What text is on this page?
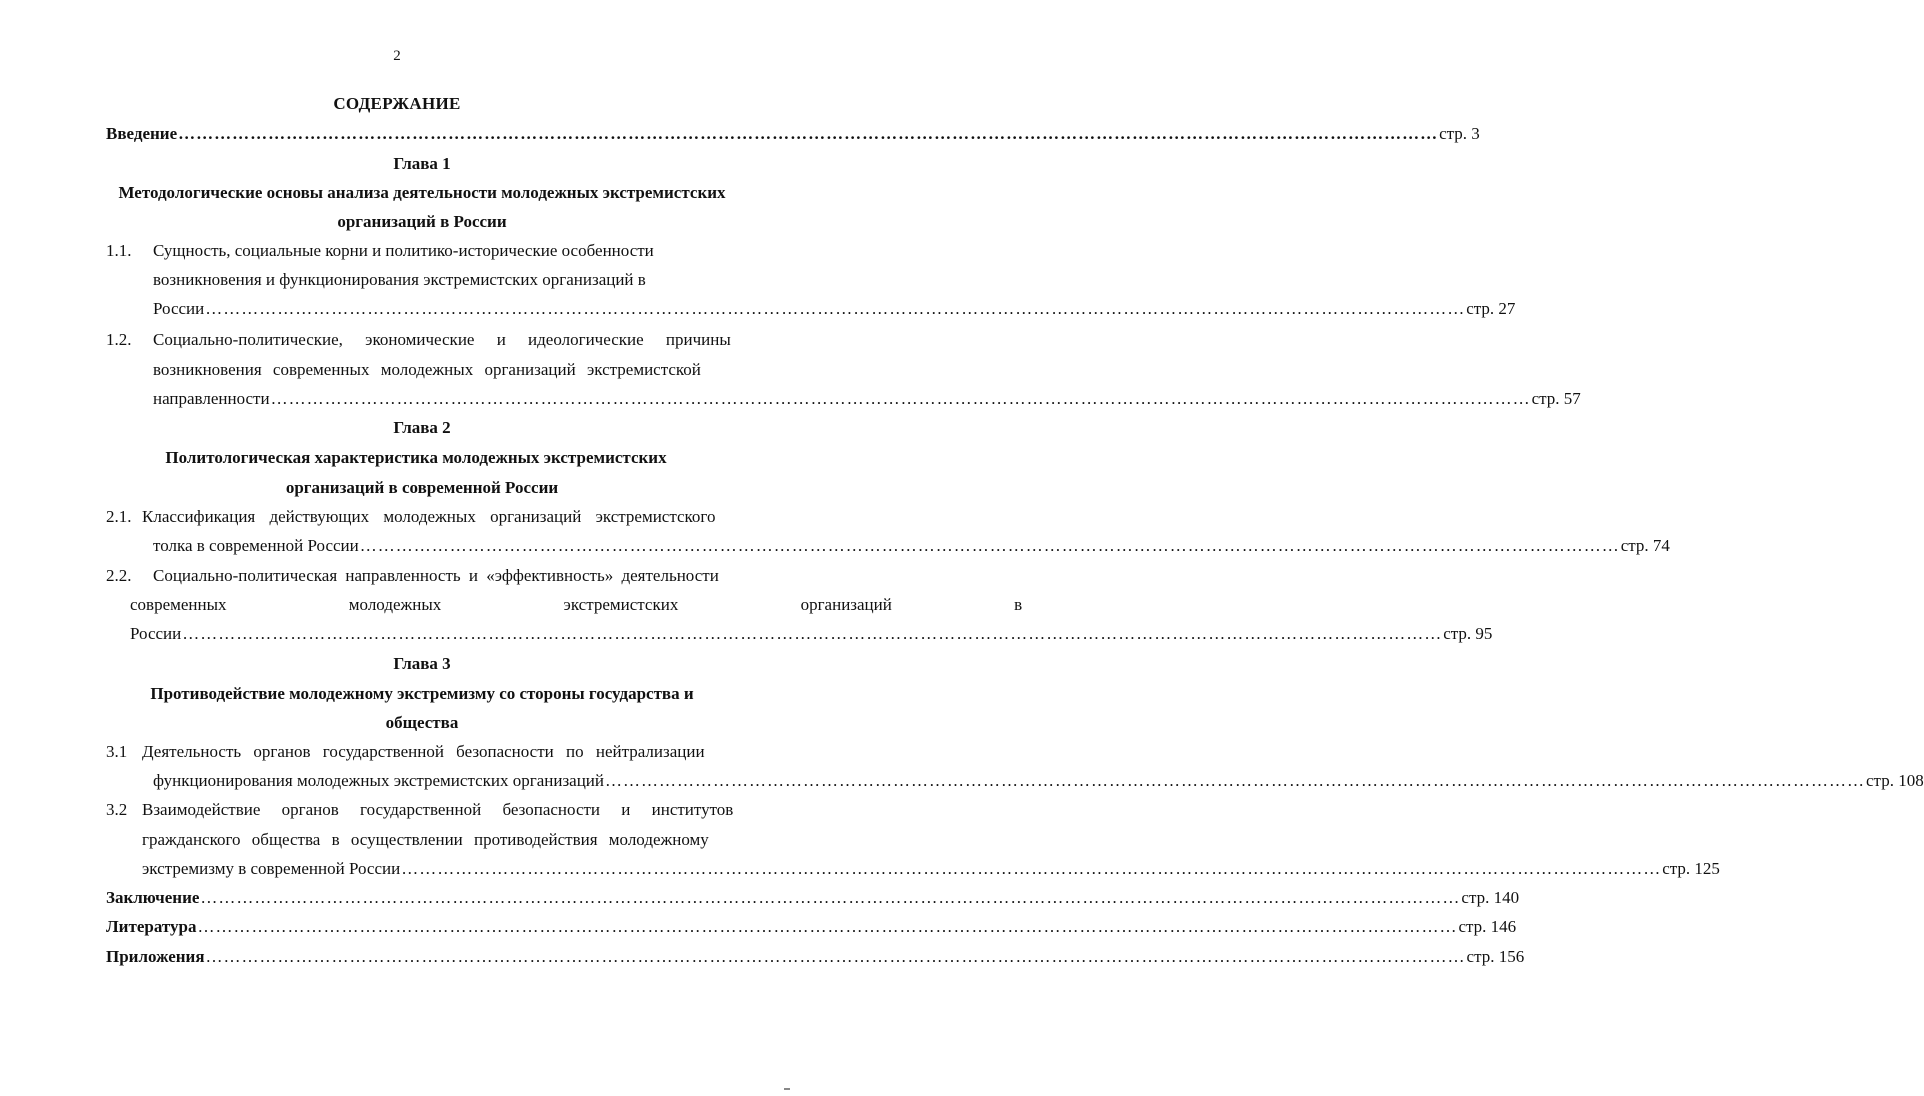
2
СОДЕРЖАНИЕ
Введение …………………………………………………………………………………………………………………………………………………………………………………………	стр. 3
Глава 1
Методологические основы анализа деятельности молодежных экстремистских
организаций в России
1.1. Сущность, социальные корни и политико-исторические особенности
возникновения и функционирования экстремистских организаций в
России …………………………………………………………………………………………………………………………………………………………………………………………	стр. 27
1.2. Социально-политические, экономические и идеологические причины
возникновения современных молодежных организаций экстремистской
направленности …………………………………………………………………………………………………………………………………………………………………………………………	стр. 57
Глава 2
Политологическая характеристика молодежных экстремистских
организаций в современной России
2.1. Классификация действующих молодежных организаций экстремистского
толка в современной России …………………………………………………………………………………………………………………………………………………………………………………………	стр. 74
2.2. Социально-политическая направленность и «эффективность» деятельности
современных молодежных экстремистских организаций в
России …………………………………………………………………………………………………………………………………………………………………………………………	стр. 95
Глава 3
Противодействие молодежному экстремизму со стороны государства и
общества
3.1 Деятельность органов государственной безопасности по нейтрализации
функционирования молодежных экстремистских организаций …………………………………………………………………………………………………………………………………………………………………………………………	стр. 108
3.2 Взаимодействие органов государственной безопасности и институтов
гражданского общества в осуществлении противодействия молодежному
экстремизму в современной России …………………………………………………………………………………………………………………………………………………………………………………………	стр. 125
Заключение …………………………………………………………………………………………………………………………………………………………………………………………	стр. 140
Литература …………………………………………………………………………………………………………………………………………………………………………………………	стр. 146
Приложения …………………………………………………………………………………………………………………………………………………………………………………………	стр. 156
